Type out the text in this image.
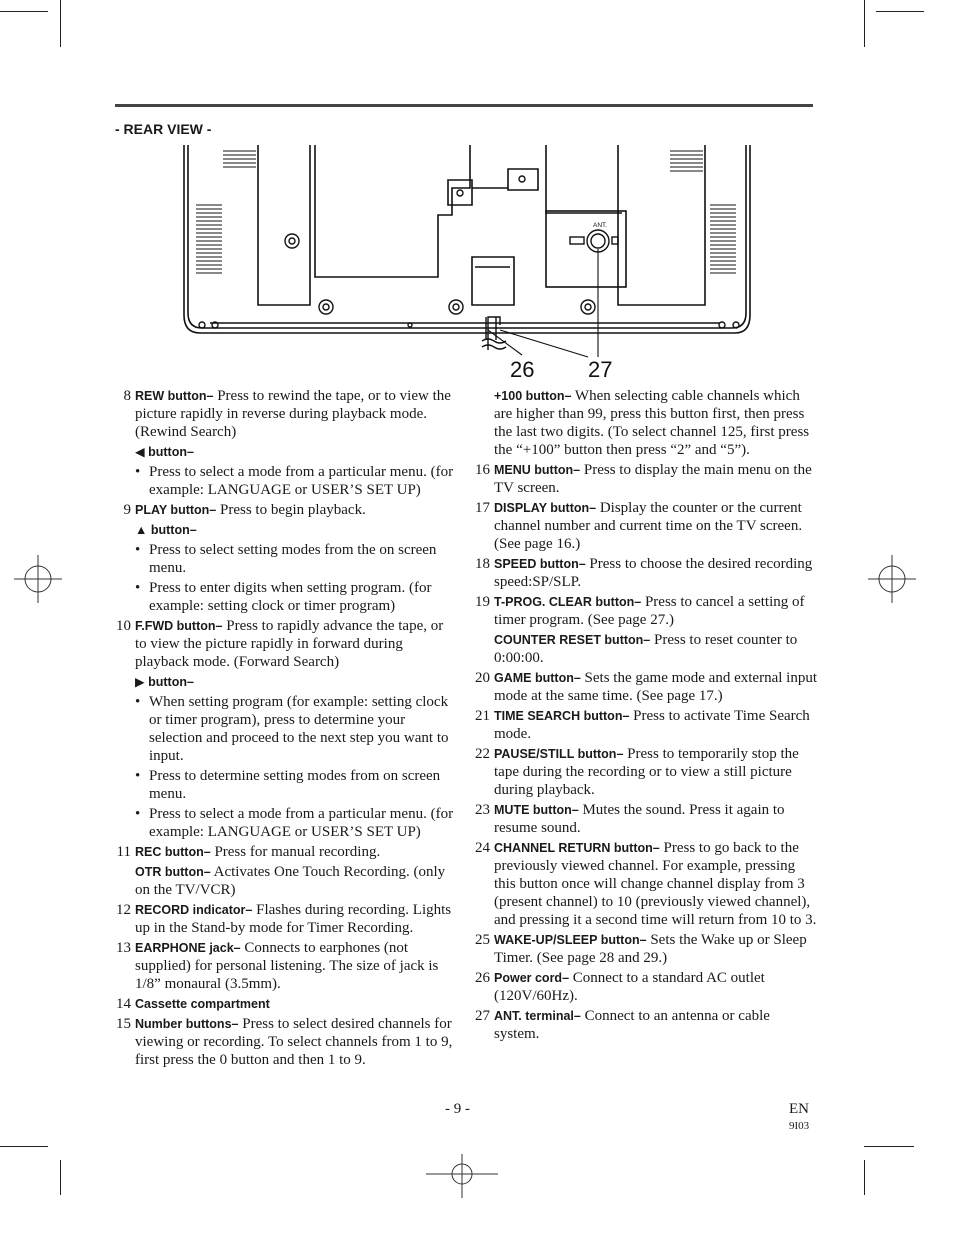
- REAR VIEW -
ANT.
26 27
8 REW button– Press to rewind the tape, or to view the picture rapidly in reverse during playback mode. (Rewind Search)
◀ button–
• Press to select a mode from a particular menu. (for example: LANGUAGE or USER’S SET UP)
9 PLAY button– Press to begin playback.
▲ button–
• Press to select setting modes from the on screen menu.
• Press to enter digits when setting program. (for example: setting clock or timer program)
10 F.FWD button– Press to rapidly advance the tape, or to view the picture rapidly in forward during playback mode. (Forward Search)
▶ button–
• When setting program (for example: setting clock or timer program), press to determine your selection and proceed to the next step you want to input.
• Press to determine setting modes from on screen menu.
• Press to select a mode from a particular menu. (for example: LANGUAGE or USER’S SET UP)
11 REC button– Press for manual recording.
OTR button– Activates One Touch Recording. (only on the TV/VCR)
12 RECORD indicator– Flashes during recording. Lights up in the Stand-by mode for Timer Recording.
13 EARPHONE jack– Connects to earphones (not supplied) for personal listening. The size of jack is 1/8” monaural (3.5mm).
14 Cassette compartment
15 Number buttons– Press to select desired channels for viewing or recording. To select channels from 1 to 9, first press the 0 button and then 1 to 9.
+100 button– When selecting cable channels which are higher than 99, press this button first, then press the last two digits. (To select channel 125, first press the “+100” button then press “2” and “5”).
16 MENU button– Press to display the main menu on the TV screen.
17 DISPLAY button– Display the counter or the current channel number and current time on the TV screen. (See page 16.)
18 SPEED button– Press to choose the desired recording speed:SP/SLP.
19 T-PROG. CLEAR button– Press to cancel a setting of timer program. (See page 27.)
COUNTER RESET button– Press to reset counter to 0:00:00.
20 GAME button– Sets the game mode and external input mode at the same time. (See page 17.)
21 TIME SEARCH button– Press to activate Time Search mode.
22 PAUSE/STILL button– Press to temporarily stop the tape during the recording or to view a still picture during playback.
23 MUTE button– Mutes the sound. Press it again to resume sound.
24 CHANNEL RETURN button– Press to go back to the previously viewed channel. For example, pressing this button once will change channel display from 3 (present channel) to 10 (previously viewed channel), and pressing it a second time will return from 10 to 3.
25 WAKE-UP/SLEEP button– Sets the Wake up or Sleep Timer. (See page 28 and 29.)
26 Power cord– Connect to a standard AC outlet (120V/60Hz).
27 ANT. terminal– Connect to an antenna or cable system.
- 9 -	EN
9I03
